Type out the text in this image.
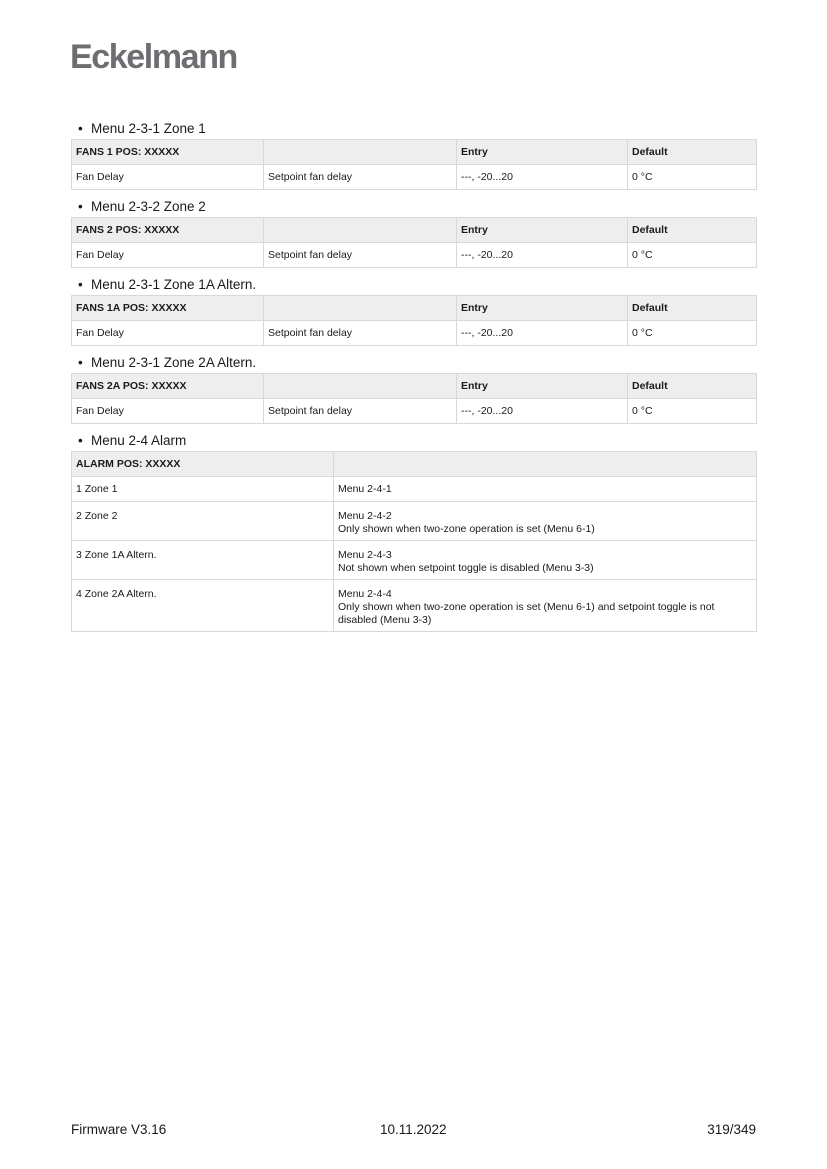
Eckelmann
• Menu 2-3-1 Zone 1
FANS 1 POS: XXXXX		Entry	Default
Fan Delay	Setpoint fan delay	---, -20...20	0 °C
• Menu 2-3-2 Zone 2
FANS 2 POS: XXXXX		Entry	Default
Fan Delay	Setpoint fan delay	---, -20...20	0 °C
• Menu 2-3-1 Zone 1A Altern.
FANS 1A POS: XXXXX		Entry	Default
Fan Delay	Setpoint fan delay	---, -20...20	0 °C
• Menu 2-3-1 Zone 2A Altern.
FANS 2A POS: XXXXX		Entry	Default
Fan Delay	Setpoint fan delay	---, -20...20	0 °C
• Menu 2-4 Alarm
ALARM POS: XXXXX	
1 Zone 1	Menu 2-4-1

2 Zone 2	Menu 2-4-2
Only shown when two-zone operation is set (Menu 6-1)

3 Zone 1A Altern.	Menu 2-4-3
Not shown when setpoint toggle is disabled (Menu 3-3)

4 Zone 2A Altern.	Menu 2-4-4
Only shown when two-zone operation is set (Menu 6-1) and setpoint toggle is not disabled (Menu 3-3)
Firmware V3.16	10.11.2022	319/349
